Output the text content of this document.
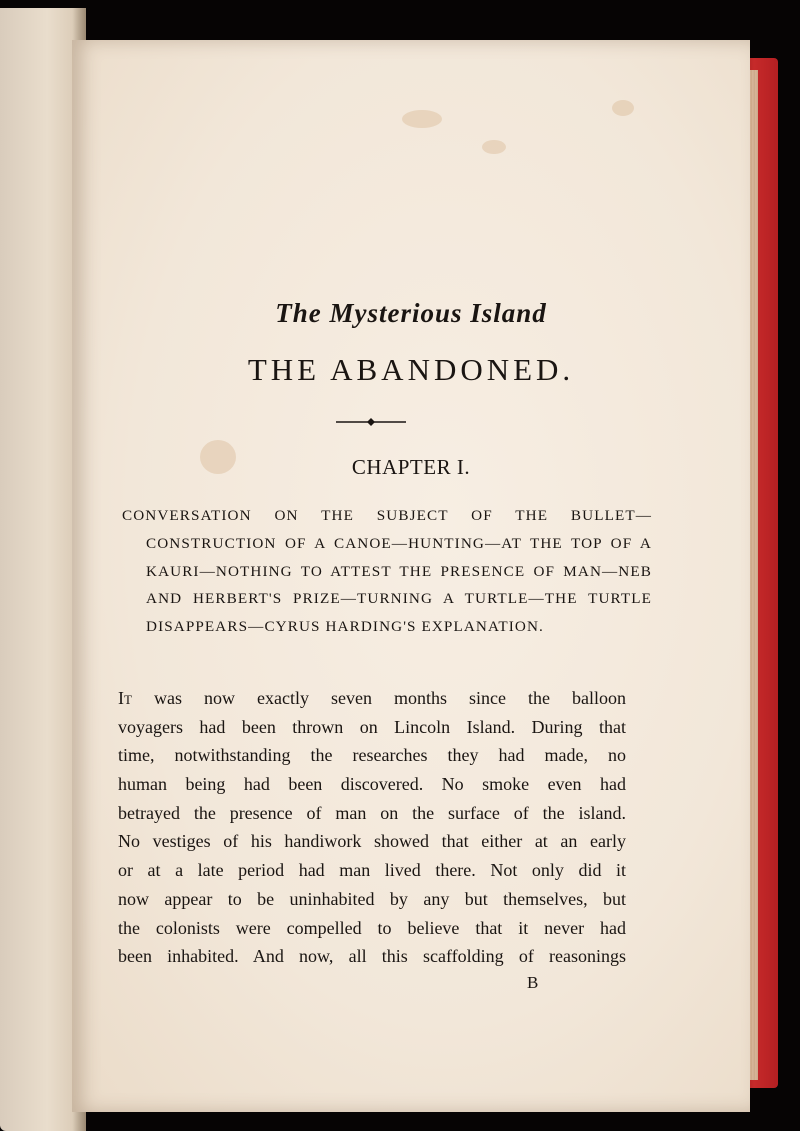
The Mysterious Island
THE ABANDONED.
CHAPTER I.

CONVERSATION ON THE SUBJECT OF THE BULLET—CONSTRUCTION OF A CANOE—HUNTING—AT THE TOP OF A KAURI—NOTHING TO ATTEST THE PRESENCE OF MAN—NEB AND HERBERT'S PRIZE—TURNING A TURTLE—THE TURTLE DISAPPEARS—CYRUS HARDING'S EXPLANATION.

It was now exactly seven months since the balloon
voyagers had been thrown on Lincoln Island. During that
time, notwithstanding the researches they had made, no
human being had been discovered. No smoke even had
betrayed the presence of man on the surface of the island.
No vestiges of his handiwork showed that either at an early
or at a late period had man lived there. Not only did it
now appear to be uninhabited by any but themselves, but
the colonists were compelled to believe that it never had
been inhabited. And now, all this scaffolding of reasonings
B
